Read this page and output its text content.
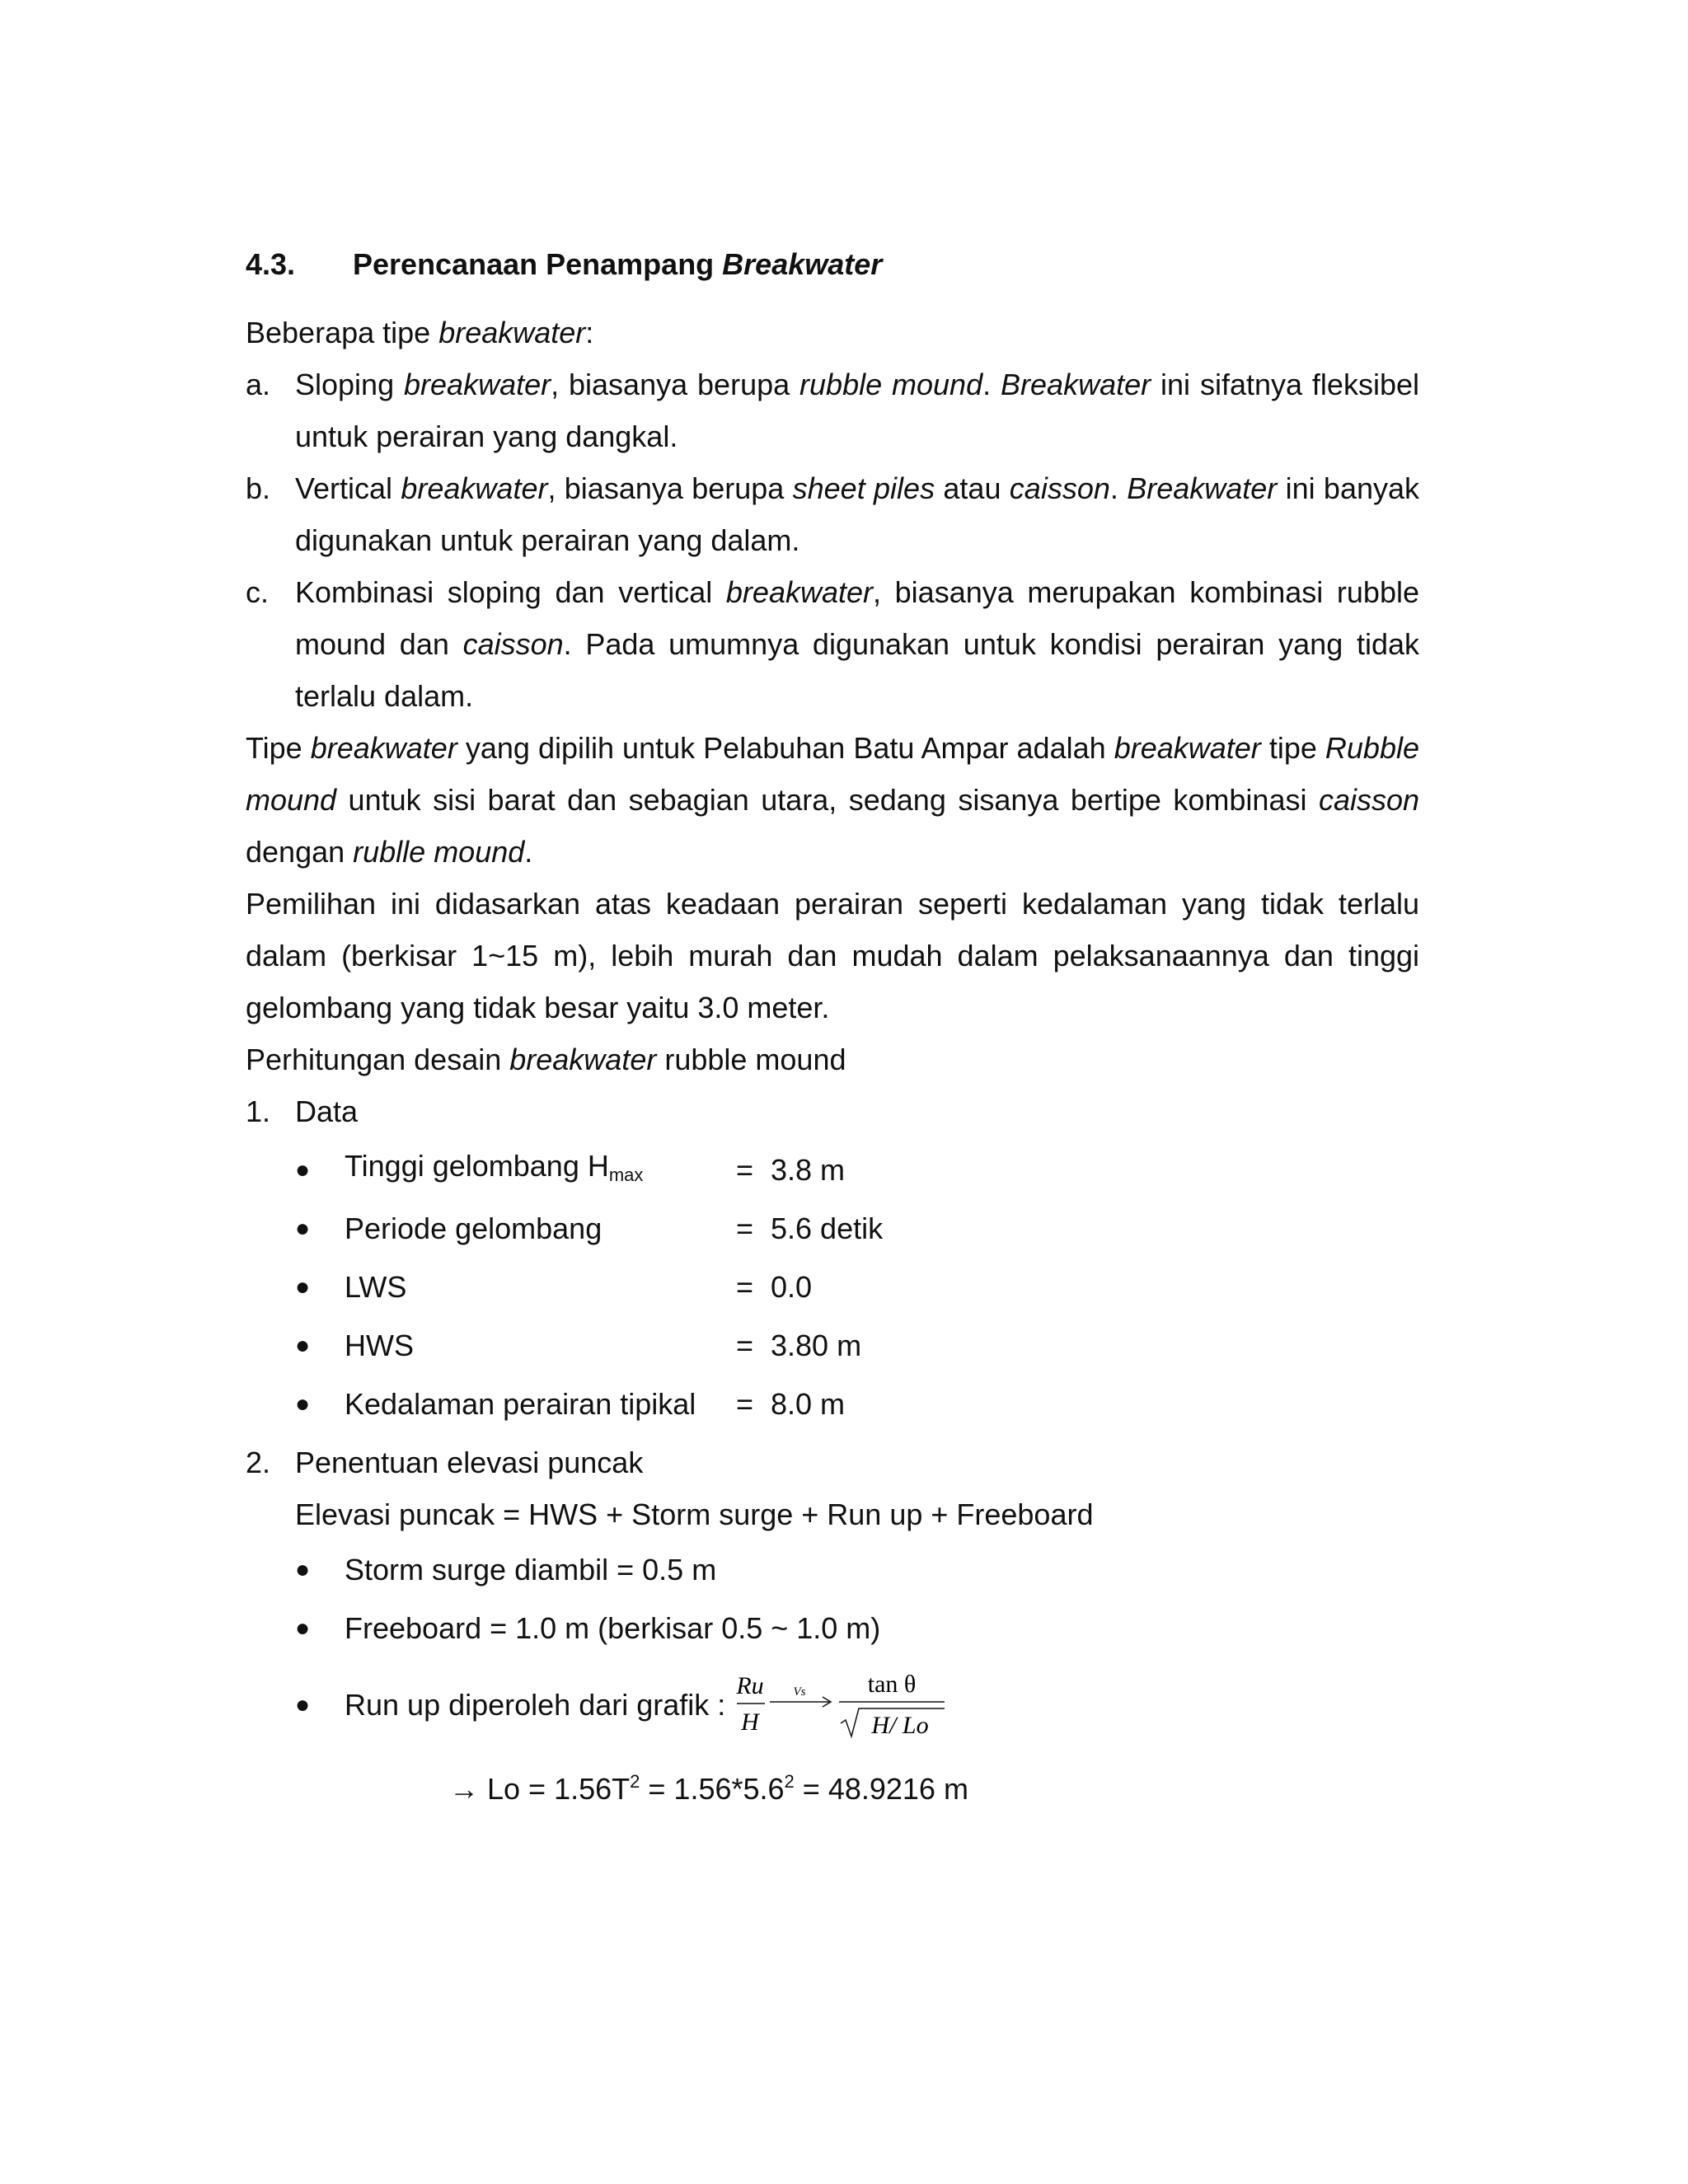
4.3.	Perencanaan Penampang Breakwater
Beberapa tipe breakwater:
a. Sloping breakwater, biasanya berupa rubble mound. Breakwater ini sifatnya fleksibel untuk perairan yang dangkal.
b. Vertical breakwater, biasanya berupa sheet piles atau caisson. Breakwater ini banyak digunakan untuk perairan yang dalam.
c. Kombinasi sloping dan vertical breakwater, biasanya merupakan kombinasi rubble mound dan caisson. Pada umumnya digunakan untuk kondisi perairan yang tidak terlalu dalam.
Tipe breakwater yang dipilih untuk Pelabuhan Batu Ampar adalah breakwater tipe Rubble mound untuk sisi barat dan sebagian utara, sedang sisanya bertipe kombinasi caisson dengan rublle mound.
Pemilihan ini didasarkan atas keadaan perairan seperti kedalaman yang tidak terlalu dalam (berkisar 1~15 m), lebih murah dan mudah dalam pelaksanaannya dan tinggi gelombang yang tidak besar yaitu 3.0 meter.
Perhitungan desain breakwater rubble mound
1. Data
●	Tinggi gelombang $H_{max}$	= 3.8 m
●	Periode gelombang	= 5.6 detik
●	LWS	= 0.0
●	HWS	= 3.80 m
●	Kedalaman perairan tipikal	= 8.0 m
2. Penentuan elevasi puncak
Elevasi puncak = HWS + Storm surge + Run up + Freeboard
●	Storm surge diambil = 0.5 m
●	Freeboard = 1.0 m (berkisar 0.5 ~ 1.0 m)
●	Run up diperoleh dari grafik :
Ru
H
Vs	tan θ
H/ Lo
→ $Lo = 1.56T^2 = 1.56*5.6^2 = 48.9216$ m
